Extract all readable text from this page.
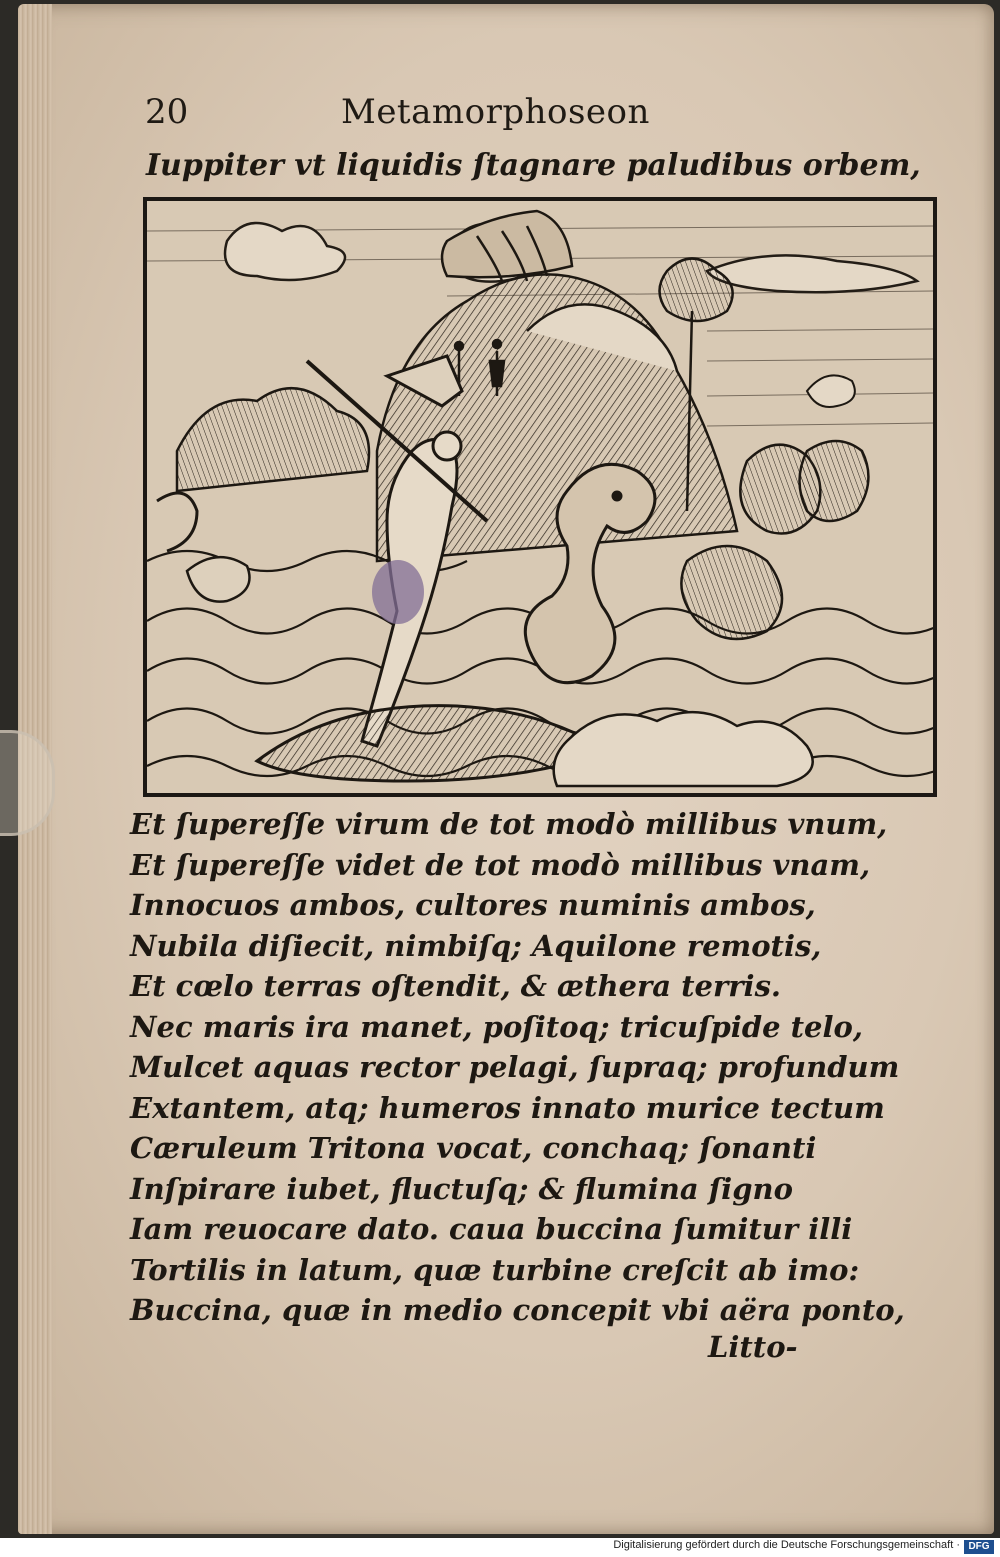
20	Metamorphoseon
Iuppiter vt liquidis ſtagnare paludibus orbem,
Et ſupereſſe virum de tot modò millibus vnum,
Et ſupereſſe videt de tot modò millibus vnam,
Innocuos ambos, cultores numinis ambos,
Nubila diſiecit, nimbiſq; Aquilone remotis,
Et cœlo terras oſtendit, & æthera terris.
Nec maris ira manet, poſitoq; tricuſpide telo,
Mulcet aquas rector pelagi, ſupraq; profundum
Extantem, atq; humeros innato murice tectum
Cæruleum Tritona vocat, conchaq; ſonanti
Inſpirare iubet, fluctuſq; & flumina ſigno
Iam reuocare dato. caua buccina ſumitur illi
Tortilis in latum, quæ turbine creſcit ab imo:
Buccina, quæ in medio concepit vbi aëra ponto,
Litto-
Digitalisierung gefördert durch die Deutsche Forschungsgemeinschaft · DFG
